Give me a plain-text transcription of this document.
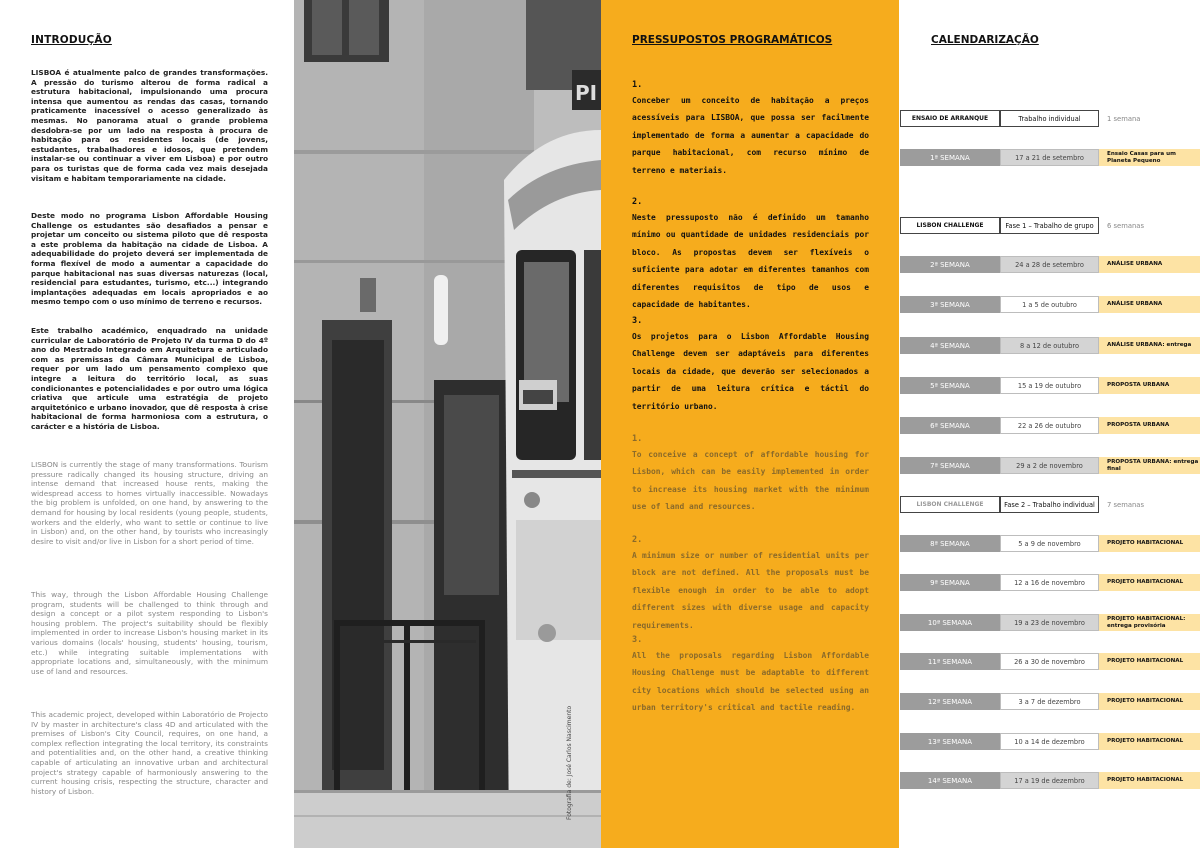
INTRODUÇÃO

LISBOA é atualmente palco de grandes transformações. A pressão do turismo alterou de forma radical a estrutura habitacional, impulsionando uma procura intensa que aumentou as rendas das casas, tornando praticamente inacessível o acesso generalizado às mesmas. No panorama atual o grande problema desdobra-se por um lado na resposta à procura de habitação para os residentes locais (de jovens, estudantes, trabalhadores e idosos, que pretendem instalar-se ou continuar a viver em Lisboa) e por outro para os turistas que de forma cada vez mais desejada visitam e habitam temporariamente na cidade.

Deste modo no programa Lisbon Affordable Housing Challenge os estudantes são desafiados a pensar e projetar um conceito ou sistema piloto que dê resposta a este problema da habitação na cidade de Lisboa. A adequabilidade do projeto deverá ser implementada de forma flexível de modo a aumentar a capacidade do parque habitacional nas suas diversas naturezas (local, residencial para estudantes, turismo, etc...) integrando implantações adequadas em locais apropriados e ao mesmo tempo com o uso mínimo de terreno e recursos.

Este trabalho académico, enquadrado na unidade curricular de Laboratório de Projeto IV da turma D do 4º ano do Mestrado Integrado em Arquitetura e articulado com as premissas da Câmara Municipal de Lisboa, requer por um lado um pensamento complexo que integre a leitura do território local, as suas condicionantes e potencialidades e por outro uma lógica criativa que articule uma estratégia de projeto arquitetónico e urbano inovador, que dê resposta à crise habitacional de forma harmoniosa com a estrutura, o carácter e a história de Lisboa.

LISBON is currently the stage of many transformations. Tourism pressure radically changed its housing structure, driving an intense demand that increased house rents, making the widespread access to homes virtually inaccessible. Nowadays the big problem is unfolded, on one hand, by answering to the demand for housing by local residents (young people, students, workers and the elderly, who want to settle or continue to live in Lisbon) and, on the other hand, by tourists who increasingly desire to visit and/or live in Lisbon for a short period of time.

This way, through the Lisbon Affordable Housing Challenge program, students will be challenged to think through and design a concept or a pilot system responding to Lisbon's housing problem. The project's suitability should be flexibly implemented in order to increase Lisbon's housing market in its various domains (locals' housing, students' housing, tourism, etc.) while integrating suitable implementations with appropriate locations and, simultaneously, with the minimum use of land and resources.

This academic project, developed within Laboratório de Projecto IV by master in architecture's class 4D and articulated with the premises of Lisbon's City Council, requires, on one hand, a complex reflection integrating the local territory, its constraints and potentialities and, on the other hand, a creative thinking capable of articulating an innovative urban and architectural project's strategy capable of harmoniously answering to the current housing crisis, respecting the structure, character and history of Lisbon.

PI
Fotografia de: José Carlos Nascimento
PRESSUPOSTOS PROGRAMÁTICOS
1.

Conceber um conceito de habitação a preços acessíveis para LISBOA, que possa ser facilmente implementado de forma a aumentar a capacidade do parque habitacional, com recurso mínimo de terreno e materiais.

2.

Neste pressuposto não é definido um tamanho mínimo ou quantidade de unidades residenciais por bloco. As propostas devem ser flexíveis o suficiente para adotar em diferentes tamanhos com diferentes requisitos de tipo de usos e capacidade de habitantes.

3.

Os projetos para o Lisbon Affordable Housing Challenge devem ser adaptáveis para diferentes locais da cidade, que deverão ser selecionados a partir de uma leitura crítica e táctil do território urbano.

1.

To conceive a concept of affordable housing for Lisbon, which can be easily implemented in order to increase its housing market with the minimum use of land and resources.

2.

A minimum size or number of residential units per block are not defined. All the proposals must be flexible enough in order to be able to adopt different sizes with diverse usage and capacity requirements.

3.

All the proposals regarding Lisbon Affordable Housing Challenge must be adaptable to different city locations which should be selected using an urban territory's critical and tactile reading.

CALENDARIZAÇÃO
ENSAIO DE ARRANQUE	Trabalho individual	1 semana
1ª SEMANA	17 a 21 de setembro	Ensaio Casas para um Planeta Pequeno
LISBON CHALLENGE	Fase 1 – Trabalho de grupo	6 semanas
2ª SEMANA	24 a 28 de setembro	ANÁLISE URBANA
3ª SEMANA	1 a 5 de outubro	ANÁLISE URBANA
4ª SEMANA	8 a 12 de outubro	ANÁLISE URBANA: entrega
5ª SEMANA	15 a 19 de outubro	PROPOSTA URBANA
6ª SEMANA	22 a 26 de outubro	PROPOSTA URBANA
7ª SEMANA	29 a 2 de novembro	PROPOSTA URBANA: entrega final
LISBON CHALLENGE	Fase 2 – Trabalho individual	7 semanas
8ª SEMANA	5 a 9 de novembro	PROJETO HABITACIONAL
9ª SEMANA	12 a 16 de novembro	PROJETO HABITACIONAL
10ª SEMANA	19 a 23 de novembro	PROJETO HABITACIONAL: entrega provisória
11ª SEMANA	26 a 30 de novembro	PROJETO HABITACIONAL
12ª SEMANA	3 a 7 de dezembro	PROJETO HABITACIONAL
13ª SEMANA	10 a 14 de dezembro	PROJETO HABITACIONAL
14ª SEMANA	17 a 19 de dezembro	PROJETO HABITACIONAL
